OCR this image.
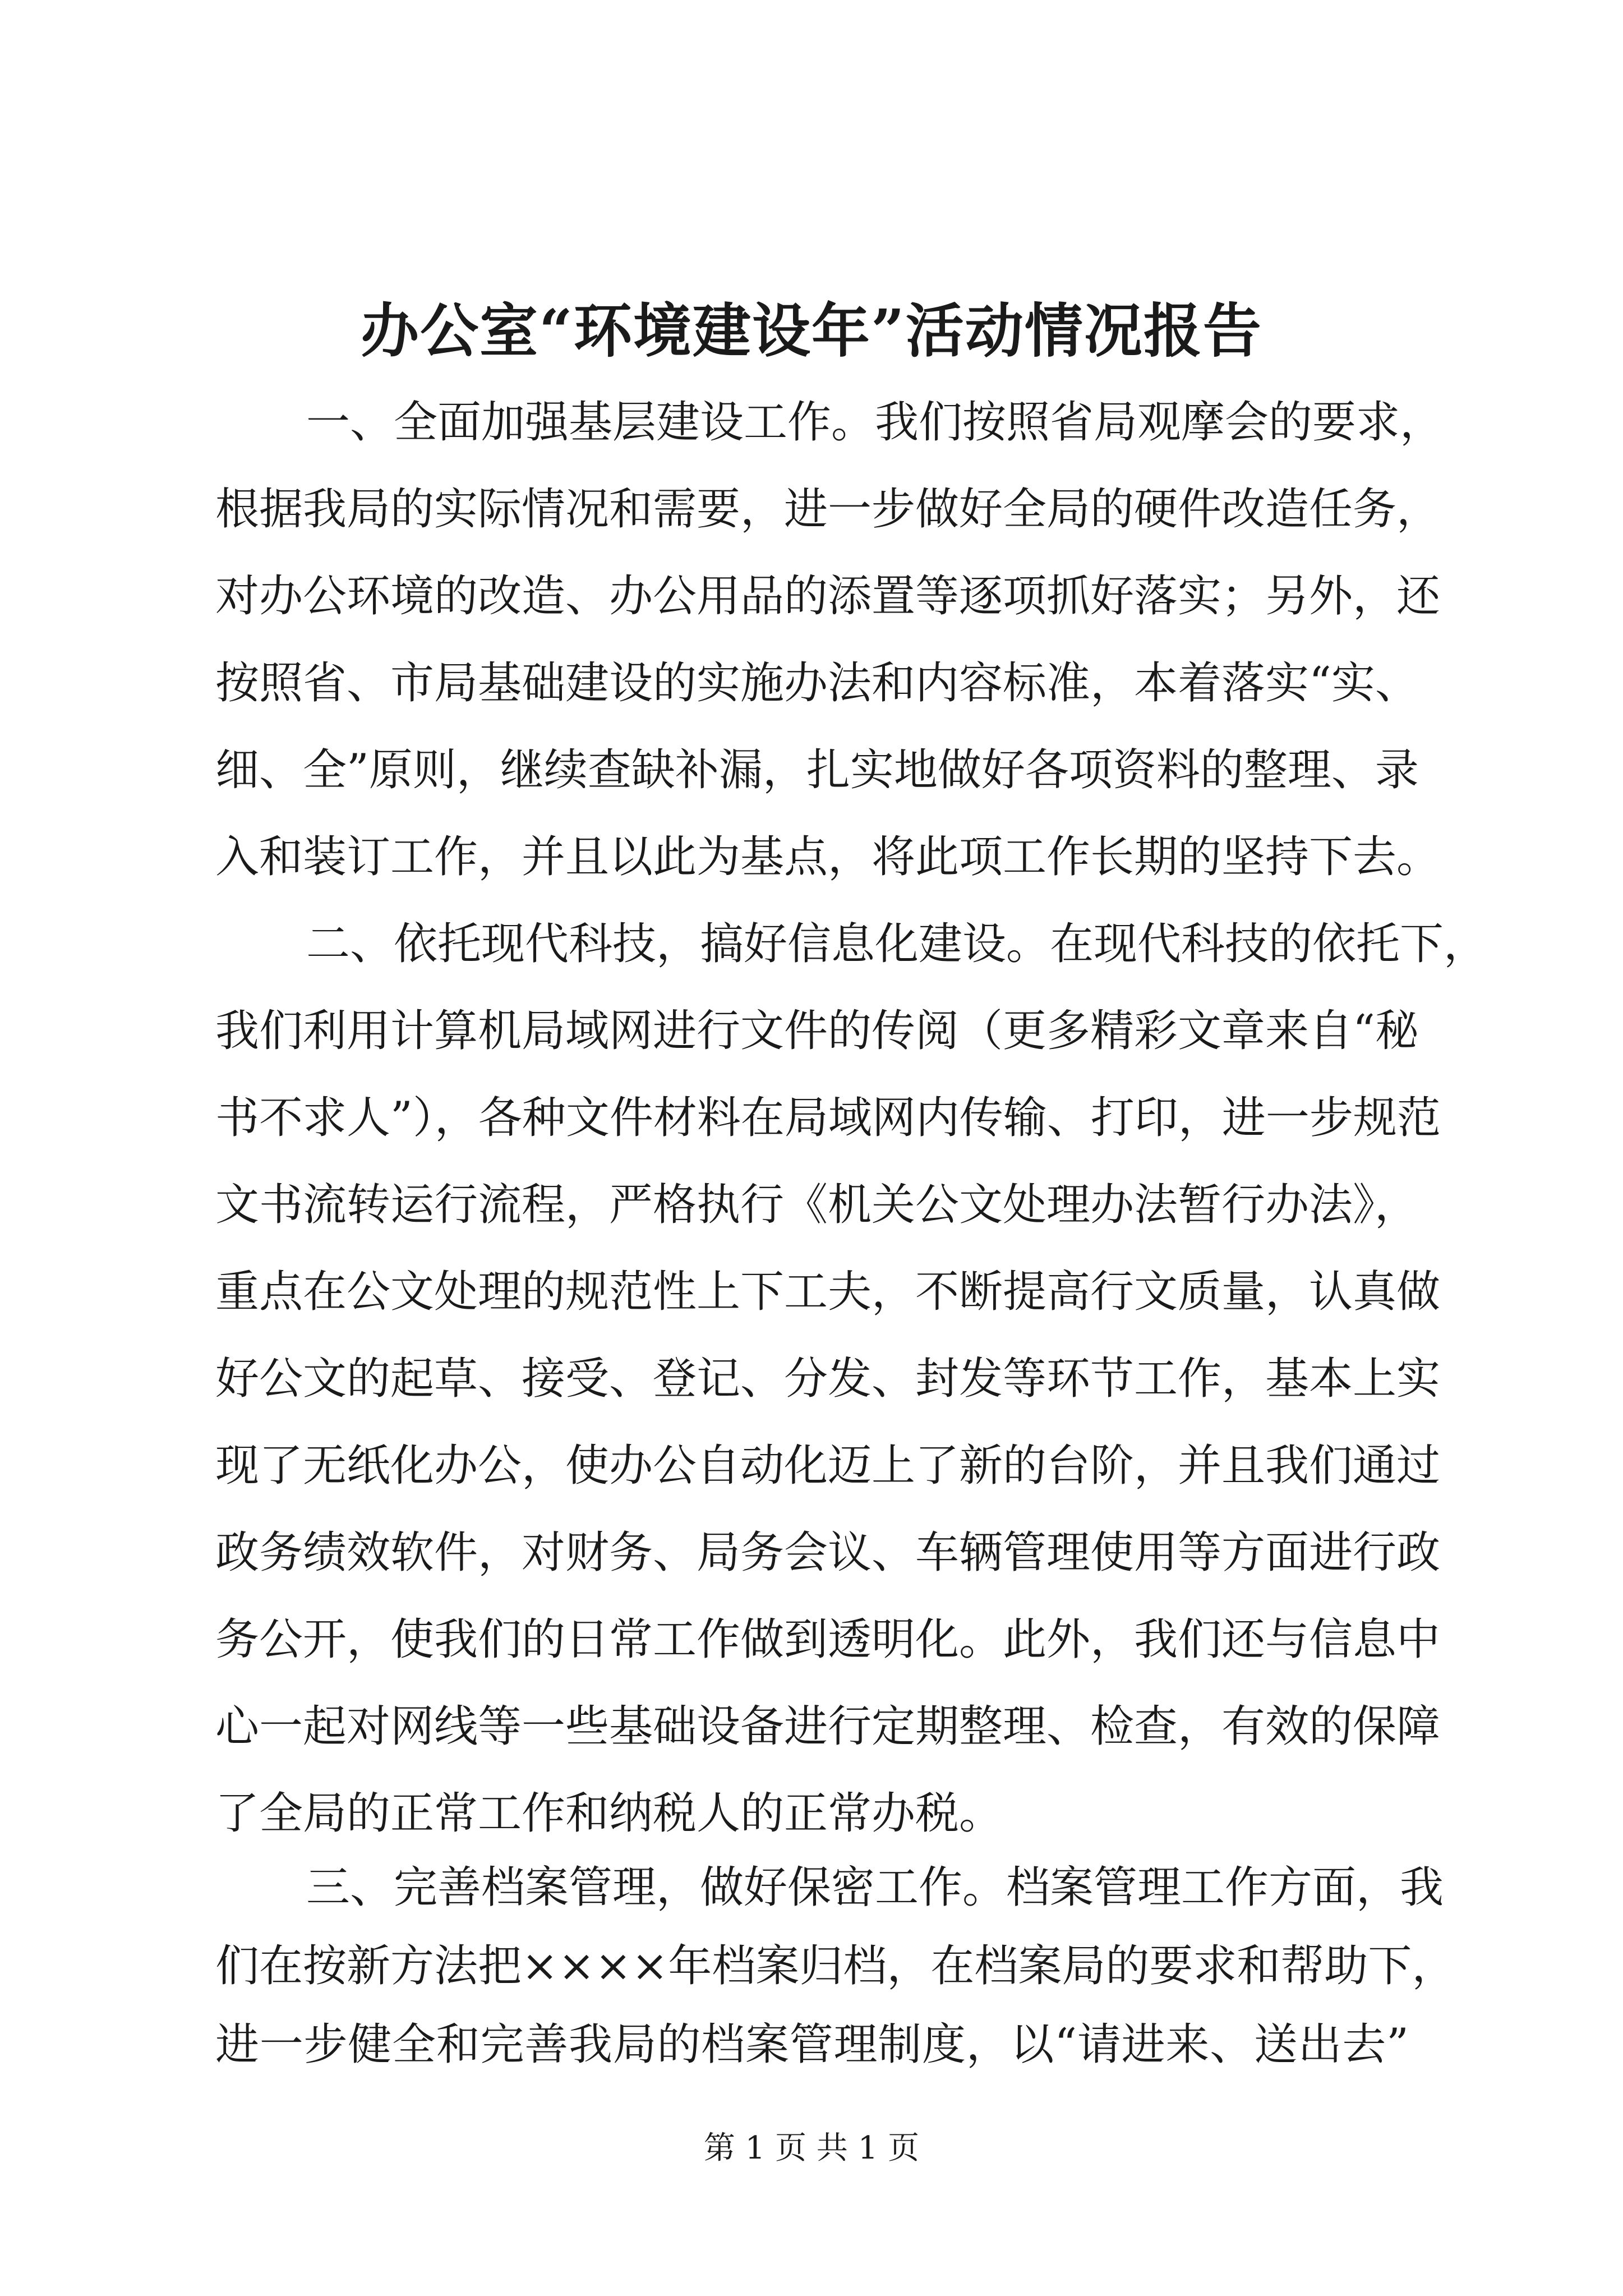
办公室“环境建设年”活动情况报告
一、全面加强基层建设工作。我们按照省局观摩会的要求，
根据我局的实际情况和需要，进一步做好全局的硬件改造任务，
对办公环境的改造、办公用品的添置等逐项抓好落实；另外，还
按照省、市局基础建设的实施办法和内容标准，本着落实“实、
细、全”原则，继续查缺补漏，扎实地做好各项资料的整理、录
入和装订工作，并且以此为基点，将此项工作长期的坚持下去。
二、依托现代科技，搞好信息化建设。在现代科技的依托下，
我们利用计算机局域网进行文件的传阅（更多精彩文章来自“秘
书不求人”），各种文件材料在局域网内传输、打印，进一步规范
文书流转运行流程，严格执行《机关公文处理办法暂行办法》，
重点在公文处理的规范性上下工夫，不断提高行文质量，认真做
好公文的起草、接受、登记、分发、封发等环节工作，基本上实
现了无纸化办公，使办公自动化迈上了新的台阶，并且我们通过
政务绩效软件，对财务、局务会议、车辆管理使用等方面进行政
务公开，使我们的日常工作做到透明化。此外，我们还与信息中
心一起对网线等一些基础设备进行定期整理、检查，有效的保障
了全局的正常工作和纳税人的正常办税。
三、完善档案管理，做好保密工作。档案管理工作方面，我
们在按新方法把××××年档案归档，在档案局的要求和帮助下，
进一步健全和完善我局的档案管理制度，以“请进来、送出去”
第 1 页 共 1 页
